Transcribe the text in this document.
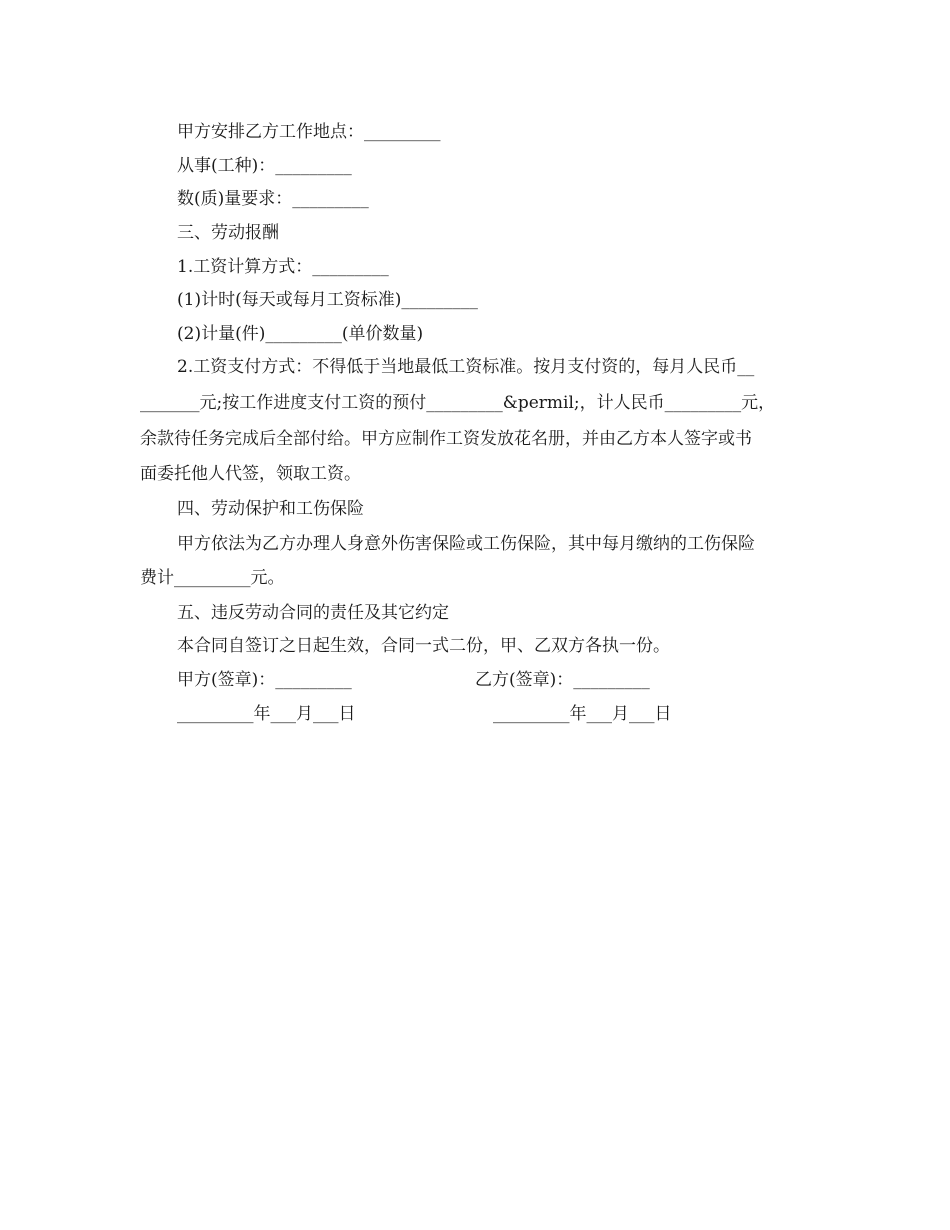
甲方安排乙方工作地点：_________
从事(工种)：_________
数(质)量要求：_________
三、劳动报酬
1.工资计算方式：_________
(1)计时(每天或每月工资标准)_________
(2)计量(件)_________(单价数量)
2.工资支付方式：不得低于当地最低工资标准。按月支付资的，每月人民币__
_______元;按工作进度支付工资的预付_________&permil;，计人民币_________元，
余款待任务完成后全部付给。甲方应制作工资发放花名册，并由乙方本人签字或书
面委托他人代签，领取工资。
四、劳动保护和工伤保险
甲方依法为乙方办理人身意外伤害保险或工伤保险，其中每月缴纳的工伤保险
费计_________元。
五、违反劳动合同的责任及其它约定
本合同自签订之日起生效，合同一式二份，甲、乙双方各执一份。
甲方(签章)：_________	乙方(签章)：_________
_________年___月___日	_________年___月___日
